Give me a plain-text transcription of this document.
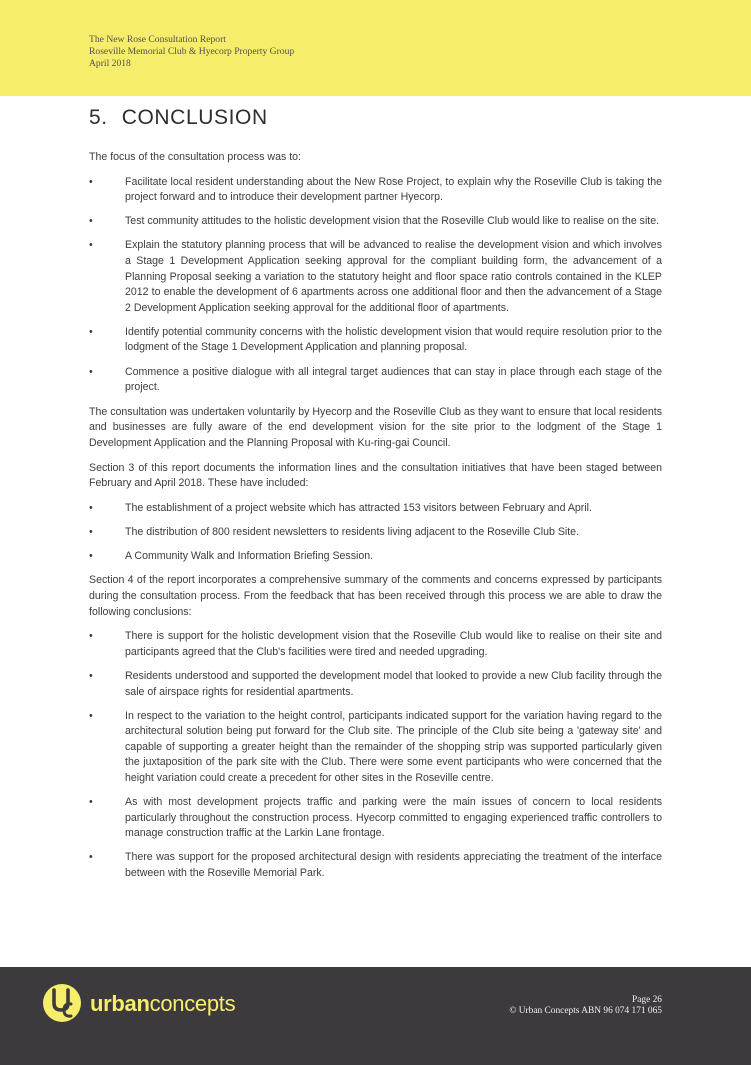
The New Rose Consultation Report
Roseville Memorial Club & Hyecorp Property Group
April 2018
5. CONCLUSION

The focus of the consultation process was to:

•	Facilitate local resident understanding about the New Rose Project, to explain why the Roseville Club is taking the project forward and to introduce their development partner Hyecorp.
•	Test community attitudes to the holistic development vision that the Roseville Club would like to realise on the site.
•	Explain the statutory planning process that will be advanced to realise the development vision and which involves a Stage 1 Development Application seeking approval for the compliant building form, the advancement of a Planning Proposal seeking a variation to the statutory height and floor space ratio controls contained in the KLEP 2012 to enable the development of 6 apartments across one additional floor and then the advancement of a Stage 2 Development Application seeking approval for the additional floor of apartments.
•	Identify potential community concerns with the holistic development vision that would require resolution prior to the lodgment of the Stage 1 Development Application and planning proposal.
•	Commence a positive dialogue with all integral target audiences that can stay in place through each stage of the project.

The consultation was undertaken voluntarily by Hyecorp and the Roseville Club as they want to ensure that local residents and businesses are fully aware of the end development vision for the site prior to the lodgment of the Stage 1 Development Application and the Planning Proposal with Ku-ring-gai Council.

Section 3 of this report documents the information lines and the consultation initiatives that have been staged between February and April 2018. These have included:

•	The establishment of a project website which has attracted 153 visitors between February and April.
•	The distribution of 800 resident newsletters to residents living adjacent to the Roseville Club Site.
•	A Community Walk and Information Briefing Session.

Section 4 of the report incorporates a comprehensive summary of the comments and concerns expressed by participants during the consultation process. From the feedback that has been received through this process we are able to draw the following conclusions:

•	There is support for the holistic development vision that the Roseville Club would like to realise on their site and participants agreed that the Club's facilities were tired and needed upgrading.
•	Residents understood and supported the development model that looked to provide a new Club facility through the sale of airspace rights for residential apartments.
•	In respect to the variation to the height control, participants indicated support for the variation having regard to the architectural solution being put forward for the Club site. The principle of the Club site being a 'gateway site' and capable of supporting a greater height than the remainder of the shopping strip was supported particularly given the juxtaposition of the park site with the Club. There were some event participants who were concerned that the height variation could create a precedent for other sites in the Roseville centre.
•	As with most development projects traffic and parking were the main issues of concern to local residents particularly throughout the construction process. Hyecorp committed to engaging experienced traffic controllers to manage construction traffic at the Larkin Lane frontage.
•	There was support for the proposed architectural design with residents appreciating the treatment of the interface between with the Roseville Memorial Park.
urbanconcepts	Page 26
© Urban Concepts ABN 96 074 171 065
